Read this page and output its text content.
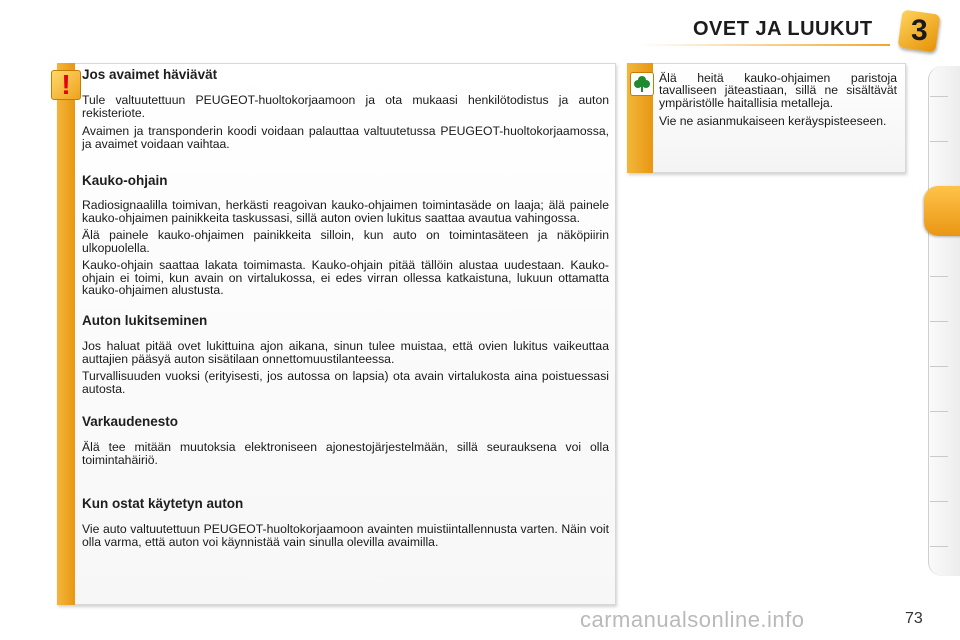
OVET JA LUUKUT 3
! Jos avaimet häviävät

Tule valtuutettuun PEUGEOT-huoltokorjaamoon ja ota mukaasi henkilötodistus ja auton rekisteriote.

Avaimen ja transponderin koodi voidaan palauttaa valtuutetussa PEUGEOT-huoltokorjaamossa, ja avaimet voidaan vaihtaa.

Kauko-ohjain

Radiosignaalilla toimivan, herkästi reagoivan kauko-ohjaimen toimintasäde on laaja; älä painele kauko-ohjaimen painikkeita taskussasi, sillä auton ovien lukitus saattaa avautua vahingossa.

Älä painele kauko-ohjaimen painikkeita silloin, kun auto on toimintasäteen ja näköpiirin ulkopuolella.

Kauko-ohjain saattaa lakata toimimasta. Kauko-ohjain pitää tällöin alustaa uudestaan. Kauko-ohjain ei toimi, kun avain on virtalukossa, ei edes virran ollessa katkaistuna, lukuun ottamatta kauko-ohjaimen alustusta.

Auton lukitseminen

Jos haluat pitää ovet lukittuina ajon aikana, sinun tulee muistaa, että ovien lukitus vaikeuttaa auttajien pääsyä auton sisätilaan onnettomuustilanteessa.

Turvallisuuden vuoksi (erityisesti, jos autossa on lapsia) ota avain virtalukosta aina poistuessasi autosta.

Varkaudenesto

Älä tee mitään muutoksia elektroniseen ajonestojärjestelmään, sillä seurauksena voi olla toimintahäiriö.

Kun ostat käytetyn auton

Vie auto valtuutettuun PEUGEOT-huoltokorjaamoon avainten muistiintallennusta varten. Näin voit olla varma, että auton voi käynnistää vain sinulla olevilla avaimilla.

Älä heitä kauko-ohjaimen paristoja tavalliseen jäteastiaan, sillä ne sisältävät ympäristölle haitallisia metalleja.

Vie ne asianmukaiseen keräyspisteeseen.

carmanualsonline.info	73
